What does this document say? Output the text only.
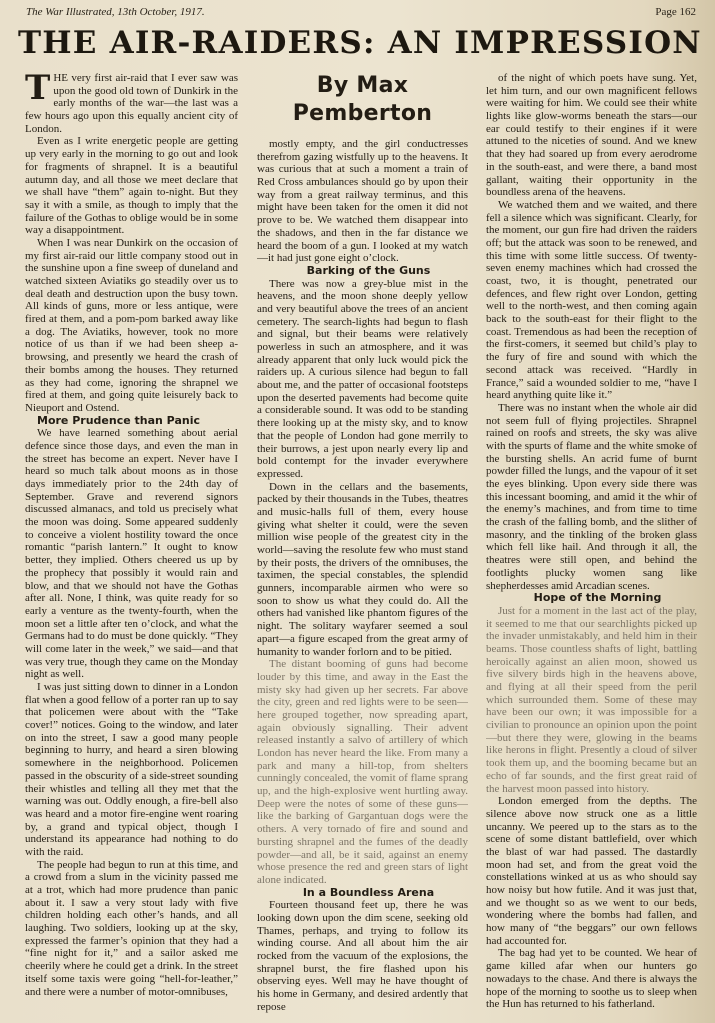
The War Illustrated, 13th October, 1917.	Page 162
THE AIR-RAIDERS: AN IMPRESSION

THE very first air-raid that I ever saw was upon the good old town of Dunkirk in the early months of the war—the last was a few hours ago upon this equally ancient city of London.

Even as I write energetic people are getting up very early in the morning to go out and look for fragments of shrapnel. It is a beautiful autumn day, and all those we meet declare that we shall have “them” again to-night. But they say it with a smile, as though to imply that the failure of the Gothas to oblige would be in some way a disappointment.

When I was near Dunkirk on the occasion of my first air-raid our little company stood out in the sunshine upon a fine sweep of duneland and watched sixteen Aviatiks go steadily over us to deal death and destruction upon the busy town. All kinds of guns, more or less antique, were fired at them, and a pom-pom barked away like a dog. The Aviatiks, however, took no more notice of us than if we had been sheep a-browsing, and presently we heard the crash of their bombs among the houses. They returned as they had come, ignoring the shrapnel we fired at them, and going quite leisurely back to Nieuport and Ostend.

More Prudence than Panic

We have learned something about aerial defence since those days, and even the man in the street has become an expert. Never have I heard so much talk about moons as in those days immediately prior to the 24th day of September. Grave and reverend signors discussed almanacs, and told us precisely what the moon was doing. Some appeared suddenly to conceive a violent hostility toward the once romantic “parish lantern.” It ought to know better, they implied. Others cheered us up by the prophecy that possibly it would rain and blow, and that we should not have the Gothas after all. None, I think, was quite ready for so early a venture as the twenty-fourth, when the moon set a little after ten o’clock, and what the Germans had to do must be done quickly. “They will come later in the week,” we said—and that was very true, though they came on the Monday night as well.

I was just sitting down to dinner in a London flat when a good fellow of a porter ran up to say that policemen were about with the “Take cover!” notices. Going to the window, and later on into the street, I saw a good many people beginning to hurry, and heard a siren blowing somewhere in the neighborhood. Policemen passed in the obscurity of a side-street sounding their whistles and telling all they met that the warning was out. Oddly enough, a fire-bell also was heard and a motor fire-engine went roaring by, a grand and typical object, though I understand its appearance had nothing to do with the raid.

The people had begun to run at this time, and a crowd from a slum in the vicinity passed me at a trot, which had more prudence than panic about it. I saw a very stout lady with five children holding each other’s hands, and all laughing. Two soldiers, looking up at the sky, expressed the farmer’s opinion that they had a “fine night for it,” and a sailor asked me cheerily where he could get a drink. In the street itself some taxis were going “hell-for-leather,” and there were a number of motor-omnibuses,

By Max Pemberton

mostly empty, and the girl conductresses therefrom gazing wistfully up to the heavens. It was curious that at such a moment a train of Red Cross ambulances should go by upon their way from a great railway terminus, and this might have been taken for the omen it did not prove to be. We watched them disappear into the shadows, and then in the far distance we heard the boom of a gun. I looked at my watch—it had just gone eight o’clock.

Barking of the Guns

There was now a grey-blue mist in the heavens, and the moon shone deeply yellow and very beautiful above the trees of an ancient cemetery. The search-lights had begun to flash and signal, but their beams were relatively powerless in such an atmosphere, and it was already apparent that only luck would pick the raiders up. A curious silence had begun to fall about me, and the patter of occasional footsteps upon the deserted pavements had become quite a considerable sound. It was odd to be standing there looking up at the misty sky, and to know that the people of London had gone merrily to their burrows, a jest upon nearly every lip and bold contempt for the invader everywhere expressed.

Down in the cellars and the basements, packed by their thousands in the Tubes, theatres and music-halls full of them, every house giving what shelter it could, were the seven million wise people of the greatest city in the world—saving the resolute few who must stand by their posts, the drivers of the omnibuses, the taximen, the special constables, the splendid gunners, incomparable airmen who were so soon to show us what they could do. All the others had vanished like phantom figures of the night. The solitary wayfarer seemed a soul apart—a figure escaped from the great army of humanity to wander forlorn and to be pitied.

The distant booming of guns had become louder by this time, and away in the East the misty sky had given up her secrets. Far above the city, green and red lights were to be seen—here grouped together, now spreading apart, again obviously signalling. Their advent released instantly a salvo of artillery of which London has never heard the like. From many a park and many a hill-top, from shelters cunningly concealed, the vomit of flame sprang up, and the high-explosive went hurtling away. Deep were the notes of some of these guns—like the barking of Gargantuan dogs were the others. A very tornado of fire and sound and bursting shrapnel and the fumes of the deadly powder—and all, be it said, against an enemy whose presence the red and green stars of light alone indicated.

In a Boundless Arena

Fourteen thousand feet up, there he was looking down upon the dim scene, seeking old Thames, perhaps, and trying to follow its winding course. And all about him the air rocked from the vacuum of the explosions, the shrapnel burst, the fire flashed upon his observing eyes. Well may he have thought of his home in Germany, and desired ardently that repose

of the night of which poets have sung. Yet, let him turn, and our own magnificent fellows were waiting for him. We could see their white lights like glow-worms beneath the stars—our ear could testify to their engines if it were attuned to the niceties of sound. And we knew that they had soared up from every aerodrome in the south-east, and were there, a band most gallant, waiting their opportunity in the boundless arena of the heavens.

We watched them and we waited, and there fell a silence which was significant. Clearly, for the moment, our gun fire had driven the raiders off; but the attack was soon to be renewed, and this time with some little success. Of twenty-seven enemy machines which had crossed the coast, two, it is thought, penetrated our defences, and flew right over London, getting well to the north-west, and then coming again back to the south-east for their flight to the coast. Tremendous as had been the reception of the first-comers, it seemed but child’s play to the fury of fire and sound with which the second attack was received. “Hardly in France,” said a wounded soldier to me, “have I heard anything quite like it.”

There was no instant when the whole air did not seem full of flying projectiles. Shrapnel rained on roofs and streets, the sky was alive with the spurts of flame and the white smoke of the bursting shells. An acrid fume of burnt powder filled the lungs, and the vapour of it set the eyes blinking. Upon every side there was this incessant booming, and amid it the whir of the enemy’s machines, and from time to time the crash of the falling bomb, and the slither of masonry, and the tinkling of the broken glass which fell like hail. And through it all, the theatres were still open, and behind the footlights plucky women sang like shepherdesses amid Arcadian scenes.

Hope of the Morning

Just for a moment in the last act of the play, it seemed to me that our searchlights picked up the invader unmistakably, and held him in their beams. Those countless shafts of light, battling heroically against an alien moon, showed us five silvery birds high in the heavens above, and flying at all their speed from the peril which surrounded them. Some of these may have been our own; it was impossible for a civilian to pronounce an opinion upon the point—but there they were, glowing in the beams like herons in flight. Presently a cloud of silver took them up, and the booming became but an echo of far sounds, and the first great raid of the harvest moon passed into history.

London emerged from the depths. The silence above now struck one as a little uncanny. We peered up to the stars as to the scene of some distant battlefield, over which the blast of war had passed. The dastardly moon had set, and from the great void the constellations winked at us as who should say how noisy but how futile. And it was just that, and we thought so as we went to our beds, wondering where the bombs had fallen, and how many of “the beggars” our own fellows had accounted for.

The bag had yet to be counted. We hear of game killed afar when our hunters go nowadays to the chase. And there is always the hope of the morning to soothe us to sleep when the Hun has returned to his fatherland.
